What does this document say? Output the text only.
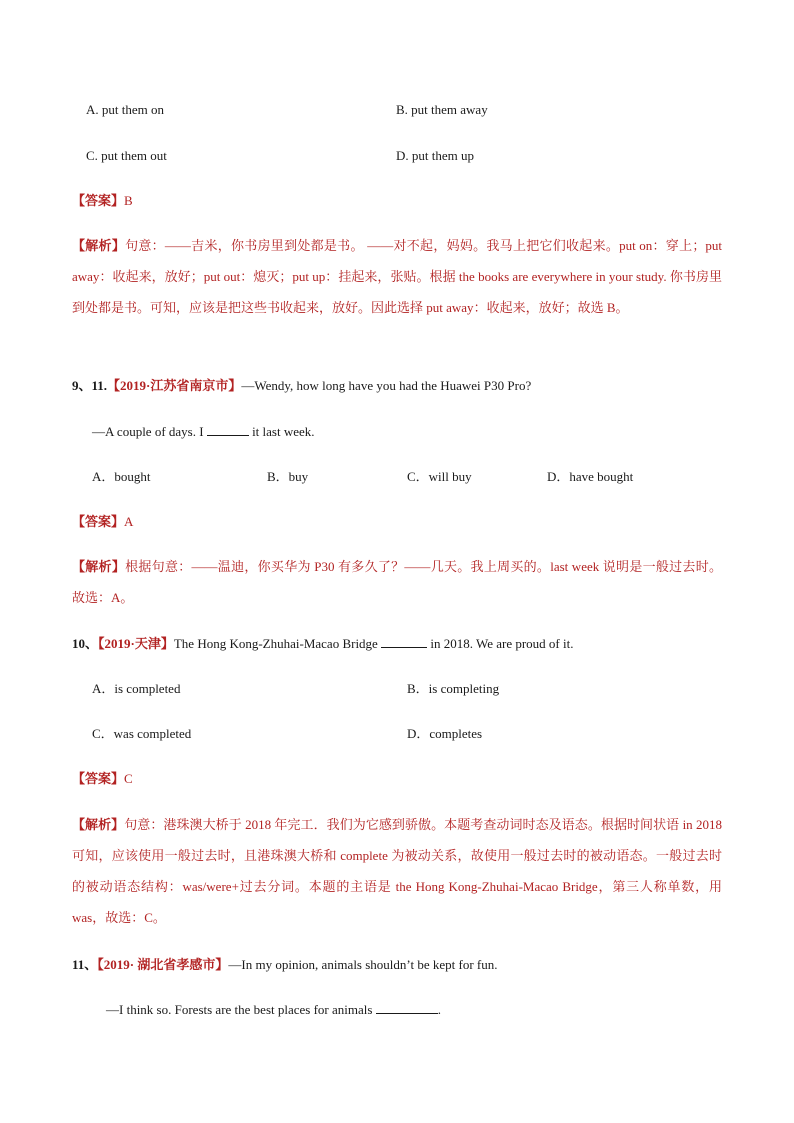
A. put them on	B. put them away
C. put them out	D. put them up
【答案】B
【解析】句意：——吉米，你书房里到处都是书。 ——对不起，妈妈。我马上把它们收起来。put on：穿上；put away：收起来，放好；put out：熄灭；put up：挂起来，张贴。根据 the books are everywhere in your study. 你书房里到处都是书。可知，应该是把这些书收起来，放好。因此选择 put away：收起来，放好；故选 B。
9、11.【2019·江苏省南京市】—Wendy, how long have you had the Huawei P30 Pro?
—A couple of days. I	it last week.
A．bought	B．buy	C．will buy	D．have bought
【答案】A
【解析】根据句意：——温迪，你买华为 P30 有多久了？——几天。我上周买的。last week 说明是一般过去时。故选：A。
10、【2019·天津】The Hong Kong-Zhuhai-Macao Bridge	in 2018. We are proud of it.
A．is completed	B．is completing
C．was completed	D．completes
【答案】C
【解析】句意：港珠澳大桥于 2018 年完工．我们为它感到骄傲。本题考查动词时态及语态。根据时间状语 in 2018 可知，应该使用一般过去时，且港珠澳大桥和 complete 为被动关系，故使用一般过去时的被动语态。一般过去时的被动语态结构：was/were+过去分词。本题的主语是 the Hong Kong-Zhuhai-Macao Bridge，第三人称单数，用 was，故选：C。
11、【2019· 湖北省孝感市】—In my opinion, animals shouldn’t be kept for fun.
—I think so. Forests are the best places for animals	.
